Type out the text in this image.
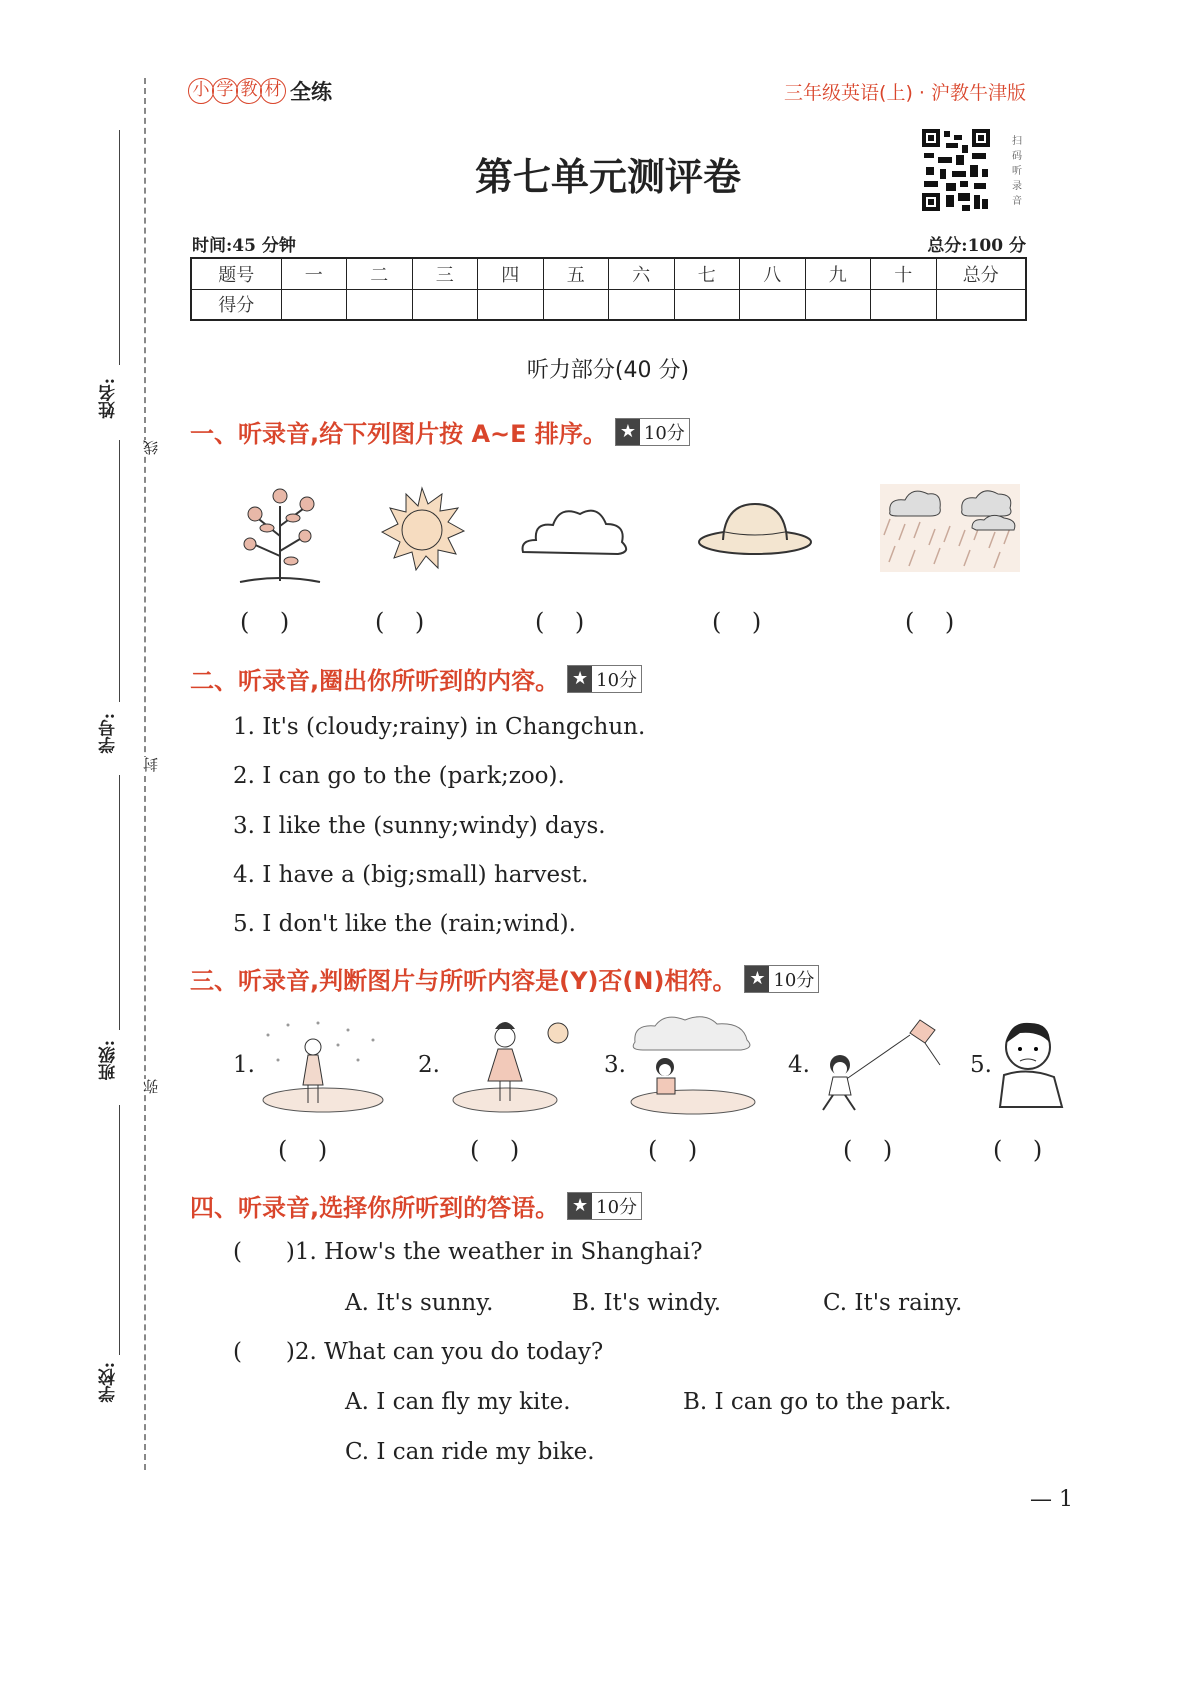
姓名:
学号:
班级:
学校:
线
封
弥
小 学 教 材 全练	三年级英语(上) · 沪教牛津版
第七单元测评卷
扫码听录音
时间:45 分钟	总分:100 分
题号	一	二	三	四	五	六	七	八	九	十	总分
得分											
听力部分(40 分)
一、听录音,给下列图片按 A~E 排序。 ★ 10分
(    )	(    )	(    )	(    )	(    )
二、听录音,圈出你所听到的内容。 ★ 10分
1. It's (cloudy;rainy) in Changchun.
2. I can go to the (park;zoo).
3. I like the (sunny;windy) days.
4. I have a (big;small) harvest.
5. I don't like the (rain;wind).
三、听录音,判断图片与所听内容是(Y)否(N)相符。 ★ 10分
1.	2.	3.	4.	5.
(    )	(    )	(    )	(    )	(    )
四、听录音,选择你所听到的答语。 ★ 10分
(      )1. How's the weather in Shanghai?
A. It's sunny.	B. It's windy.	C. It's rainy.
(      )2. What can you do today?
A. I can fly my kite.	B. I can go to the park.
C. I can ride my bike.
— 1
